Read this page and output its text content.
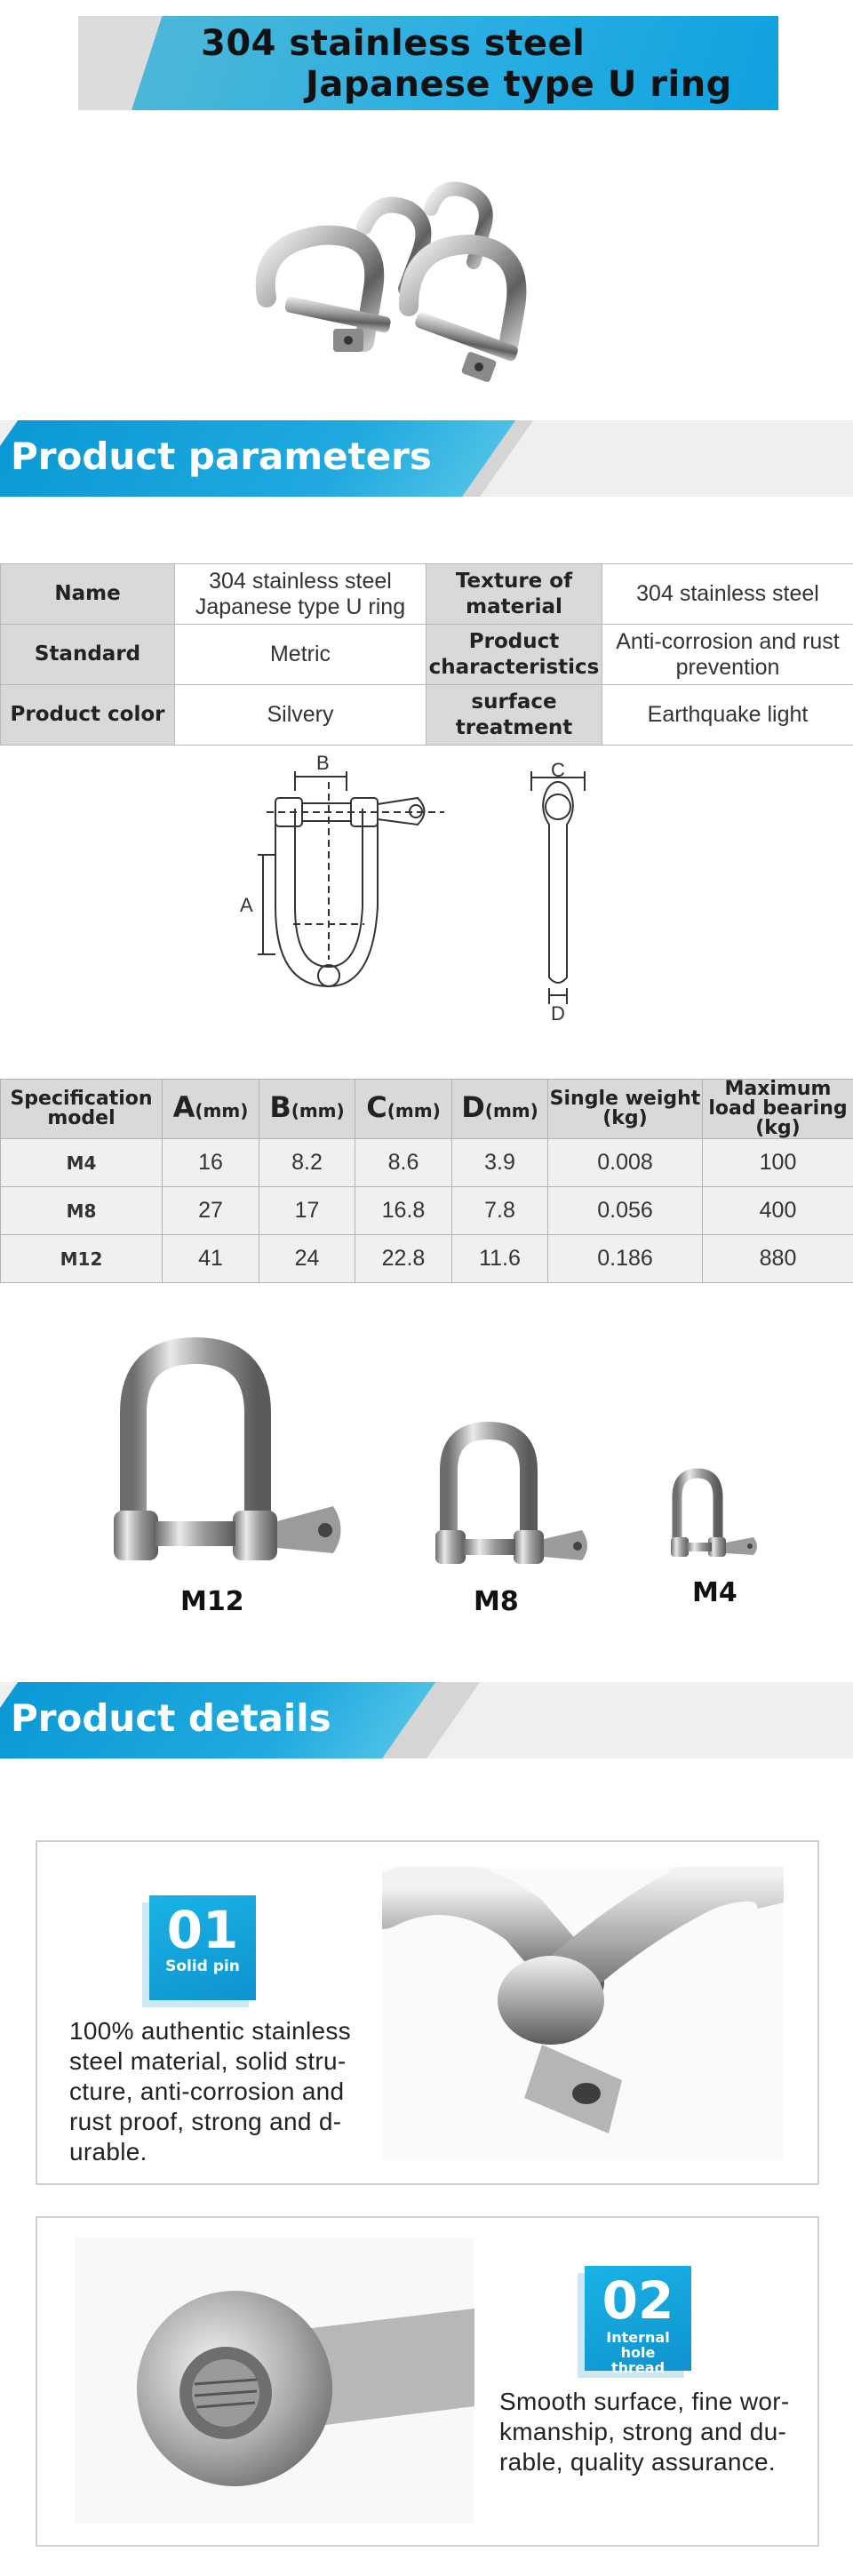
304 stainless steel
Japanese type U ring
Product parameters
Name	304 stainless steel Japanese type U ring	Texture of material	304 stainless steel
Standard	Metric	Product characteristics	Anti-corrosion and rust prevention
Product color	Silvery	surface treatment	Earthquake light
B
A
C
D
Specification model	A(mm)	B(mm)	C(mm)	D(mm)	Single weight (kg)	Maximum load bearing (kg)
M4	16	8.2	8.6	3.9	0.008	100
M8	27	17	16.8	7.8	0.056	400
M12	41	24	22.8	11.6	0.186	880
M12	M8	M4
Product details
01
Solid pin
100% authentic stainless
steel material, solid stru-
cture, anti-corrosion and
rust proof, strong and d-
urable.
02
Internal hole thread
Smooth surface, fine wor-
kmanship, strong and du-
rable, quality assurance.
